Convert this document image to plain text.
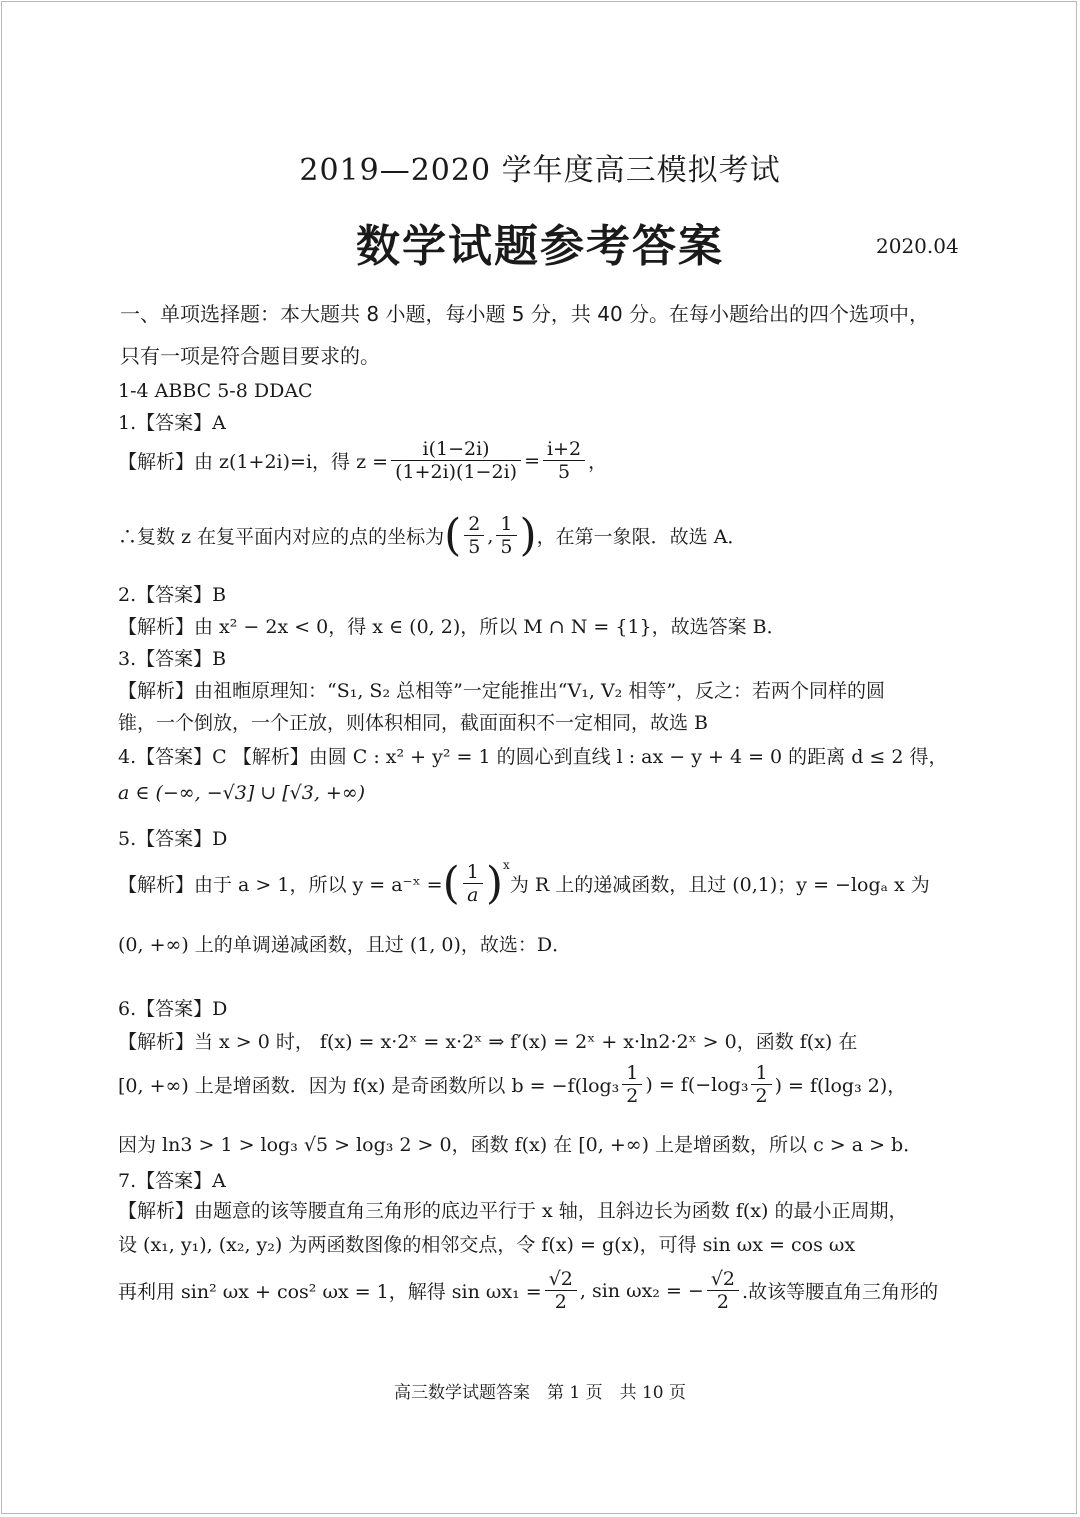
2019—2020 学年度高三模拟考试
数学试题参考答案	2020.04
一、单项选择题：本大题共 8 小题，每小题 5 分，共 40 分。在每小题给出的四个选项中，
只有一项是符合题目要求的。
1-4 ABBC 5-8 DDAC
1.【答案】A
【解析】由 z(1+2i)=i，得 $z = \frac{i(1-2i)}{(1+2i)(1-2i)} = \frac{i+2}{5}$ ，
∴复数 z 在复平面内对应的点的坐标为 ( $\frac{2}{5}$ , $\frac{1}{5}$ ) ，在第一象限．故选 A．
2.【答案】B
【解析】由 x² − 2x < 0，得 x ∈ (0, 2)，所以 M ∩ N = {1}，故选答案 B．
3.【答案】B
【解析】由祖暅原理知：“S₁, S₂ 总相等”一定能推出“V₁, V₂ 相等”，反之：若两个同样的圆
锥，一个倒放，一个正放，则体积相同，截面面积不一定相同，故选 B
4.【答案】C 【解析】由圆 C : x² + y² = 1 的圆心到直线 l : ax − y + 4 = 0 的距离 d ≤ 2 得，
a ∈ (−∞, −√3] ∪ [√3, +∞)
5.【答案】D
【解析】由于 a > 1，所以 y = a⁻ˣ = ( $\frac{1}{a} )^x$
为 R 上的递减函数，且过 (0,1)；y = −logₐ x 为
(0, +∞) 上的单调递减函数，且过 (1, 0)，故选：D．
6.【答案】D
【解析】当 x > 0 时， f(x) = x·2ˣ = x·2ˣ ⇒ f′(x) = 2ˣ + x·ln2·2ˣ > 0，函数 f(x) 在
[0, +∞) 上是增函数．因为 f(x) 是奇函数所以 $b = -f(\log_3 \frac{1}{2}$ ) = $f(-\log_3 \frac{1}{2}$ ) = f(log₃ 2)，
因为 ln3 > 1 > log₃ √5 > log₃ 2 > 0，函数 f(x) 在 [0, +∞) 上是增函数，所以 c > a > b．
7.【答案】A
【解析】由题意的该等腰直角三角形的底边平行于 x 轴，且斜边长为函数 f(x) 的最小正周期，
设 (x₁, y₁), (x₂, y₂) 为两函数图像的相邻交点，令 f(x) = g(x)，可得 sin ωx = cos ωx
再利用 sin² ωx + cos² ωx = 1，解得 $\sin \omega x_1 = \frac{√2}{2}$ , sin ωx₂ = − $\frac{√2}{2}$ .故该等腰直角三角形的
高三数学试题答案　第 1 页　共 10 页
